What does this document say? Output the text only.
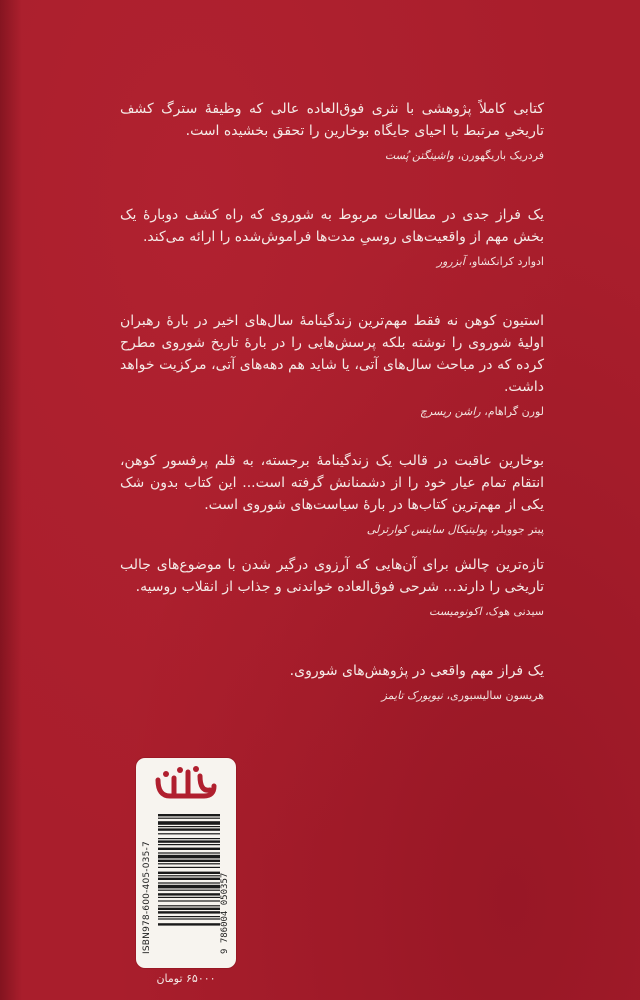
کتابی کاملاً پژوهشی با نثری فوق‌العاده عالی که وظیفۀ سترگ کشف تاریخیِ مرتبط با احیای جایگاه بوخارین را تحقق بخشیده است.

فردریک باریگهورن، واشینگتن پُست

یک فراز جدی در مطالعات مربوط به شوروی که راه کشف دوبارۀ یک بخش مهم از واقعیت‌های روسیِ مدت‌ها فراموش‌شده را ارائه می‌کند.

ادوارد کرانکشاو، آبزرور

استیون کوهن نه فقط مهم‌ترین زندگینامۀ سال‌های اخیر در بارۀ رهبران اولیۀ شوروی را نوشته بلکه پرسش‌هایی را در بارۀ تاریخ شوروی مطرح کرده که در مباحث سال‌های آتی، یا شاید هم دهه‌های آتی، مرکزیت خواهد داشت.

لورن گراهام، راشن ریسرچ

بوخارین عاقبت در قالب یک زندگینامۀ برجسته، به قلم پرفسور کوهن، انتقام تمام عیار خود را از دشمنانش گرفته است... این کتاب بدون شک یکی از مهم‌ترین کتاب‌ها در بارۀ سیاست‌های شوروی است.

پیتر جوویلر، پولیتیکال ساینس کوارترلی

تازه‌ترین چالش برای آن‌هایی که آرزوی درگیر شدن با موضوع‌های جالب تاریخی را دارند... شرحی فوق‌العاده خواندنی و جذاب از انقلاب روسیه.

سیدنی هوک، اکونومیست

یک فراز مهم واقعی در پژوهش‌های شوروی.

هریسون سالیسبوری، نیویورک تایمز

ISBN978-600-405-035-7	9 786004 050357
۶۵۰۰۰ تومان
